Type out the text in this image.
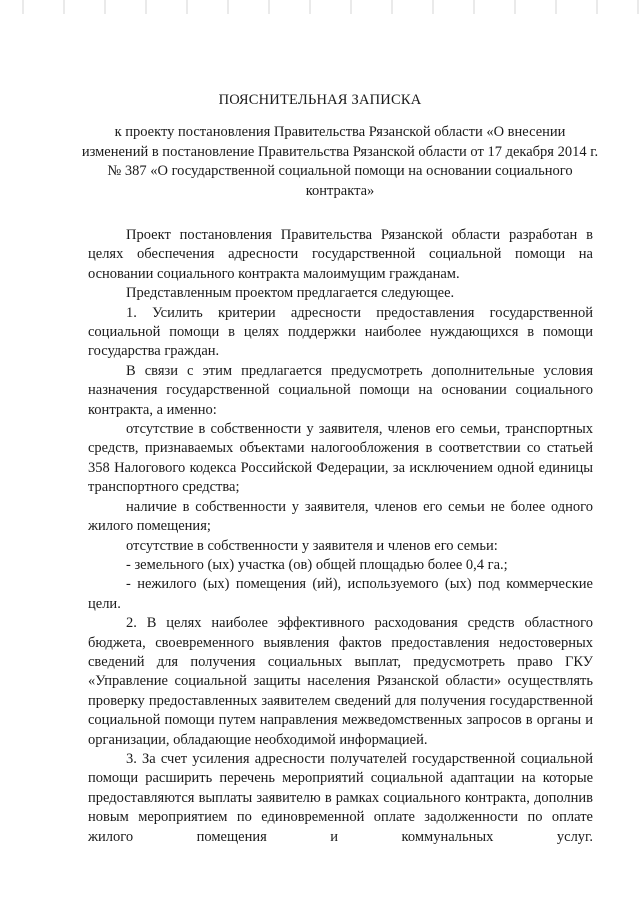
ПОЯСНИТЕЛЬНАЯ ЗАПИСКА
к проекту постановления Правительства Рязанской области «О внесении изменений в постановление Правительства Рязанской области от 17 декабря 2014 г. № 387 «О государственной социальной помощи на основании социального контракта»

Проект постановления Правительства Рязанской области разработан в целях обеспечения адресности государственной социальной помощи на основании социального контракта малоимущим гражданам.

Представленным проектом предлагается следующее.

1. Усилить критерии адресности предоставления государственной социальной помощи в целях поддержки наиболее нуждающихся в помощи государства граждан.

В связи с этим предлагается предусмотреть дополнительные условия назначения государственной социальной помощи на основании социального контракта, а именно:

отсутствие в собственности у заявителя, членов его семьи, транспортных средств, признаваемых объектами налогообложения в соответствии со статьей 358 Налогового кодекса Российской Федерации, за исключением одной единицы транспортного средства;

наличие в собственности у заявителя, членов его семьи не более одного жилого помещения;

отсутствие в собственности у заявителя и членов его семьи:

- земельного (ых) участка (ов) общей площадью более 0,4 га.;

- нежилого (ых) помещения (ий), используемого (ых) под коммерческие цели.

2. В целях наиболее эффективного расходования средств областного бюджета, своевременного выявления фактов предоставления недостоверных сведений для получения социальных выплат, предусмотреть право ГКУ «Управление социальной защиты населения Рязанской области» осуществлять проверку предоставленных заявителем сведений для получения государственной социальной помощи путем направления межведомственных запросов в органы и организации, обладающие необходимой информацией.

3. За счет усиления адресности получателей государственной социальной помощи расширить перечень мероприятий социальной адаптации на которые предоставляются выплаты заявителю в рамках социального контракта, дополнив новым мероприятием по единовременной оплате задолженности по оплате жилого помещения и коммунальных услуг.
